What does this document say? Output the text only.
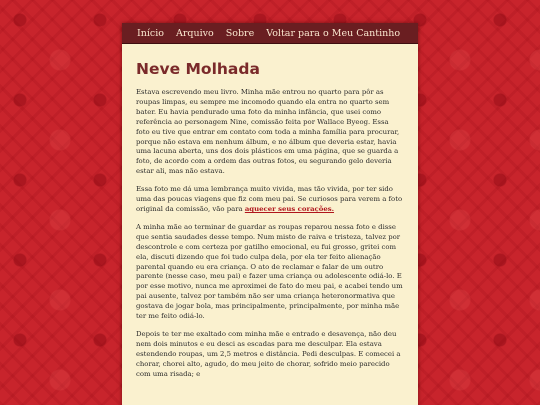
Início Arquivo Sobre Voltar para o Meu Cantinho
Neve Molhada

Estava escrevendo meu livro. Minha mãe entrou no quarto para pôr as roupas limpas, eu sempre me incomodo quando ela entra no quarto sem bater. Eu havia pendurado uma foto da minha infância, que usei como referência ao personagem Nine, comissão feita por Wallace Byeog. Essa foto eu tive que entrar em contato com toda a minha família para procurar, porque não estava em nenhum álbum, e no álbum que deveria estar, havia uma lacuna aberta, uns dos dois plásticos em uma página, que se guarda a foto, de acordo com a ordem das outras fotos, eu segurando gelo deveria estar ali, mas não estava.

Essa foto me dá uma lembrança muito vivida, mas tão vivida, por ter sido uma das poucas viagens que fiz com meu pai. Se curiosos para verem a foto original da comissão, vão para aquecer seus corações.

A minha mãe ao terminar de guardar as roupas reparou nessa foto e disse que sentia saudades desse tempo. Num misto de raiva e tristeza, talvez por descontrole e com certeza por gatilho emocional, eu fui grosso, gritei com ela, discuti dizendo que foi tudo culpa dela, por ela ter feito alienação parental quando eu era criança. O ato de reclamar e falar de um outro parente (nesse caso, meu pai) e fazer uma criança ou adolescente odiá-lo. E por esse motivo, nunca me aproximei de fato do meu pai, e acabei tendo um pai ausente, talvez por também não ser uma criança heteronormativa que gostava de jogar bola, mas principalmente, principalmente, por minha mãe ter me feito odiá-lo.

Depois te ter me exaltado com minha mãe e entrado e desavença, não deu nem dois minutos e eu desci as escadas para me desculpar. Ela estava estendendo roupas, um 2,5 metros e distância. Pedi desculpas. E comecei a chorar, chorei alto, agudo, do meu jeito de chorar, sofrido meio parecido com uma risada; e
